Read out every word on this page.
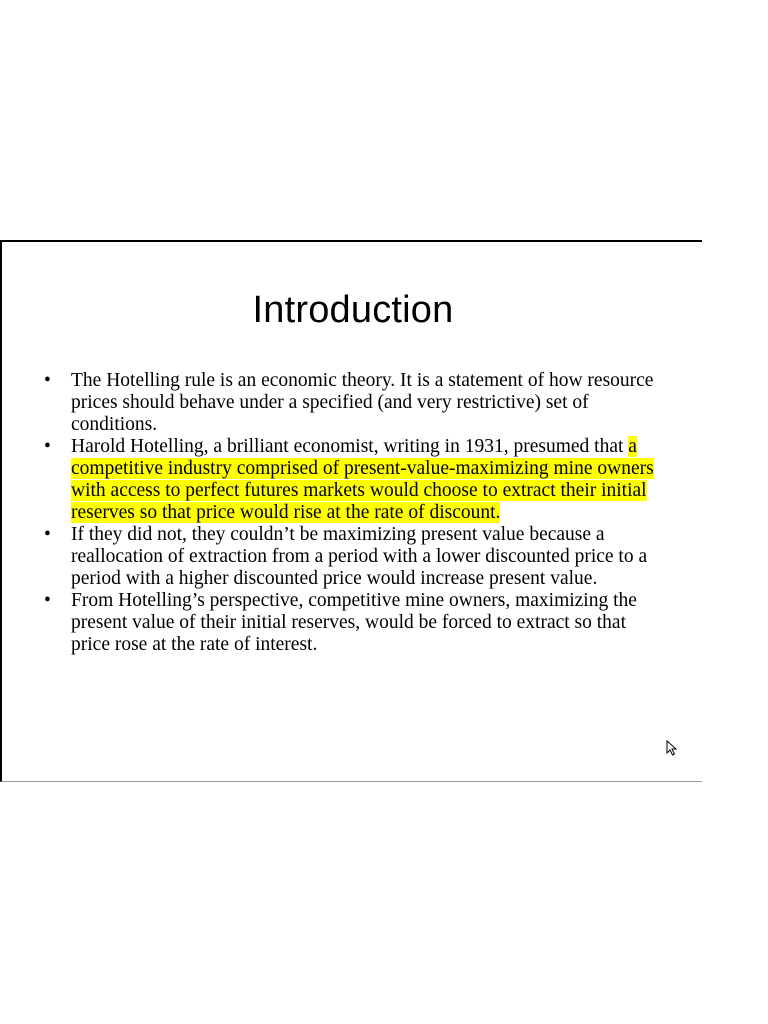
Introduction
• The Hotelling rule is an economic theory. It is a statement of how resource prices should behave under a specified (and very restrictive) set of conditions.
• Harold Hotelling, a brilliant economist, writing in 1931, presumed that a competitive industry comprised of present-value-maximizing mine owners with access to perfect futures markets would choose to extract their initial reserves so that price would rise at the rate of discount.
• If they did not, they couldn’t be maximizing present value because a reallocation of extraction from a period with a lower discounted price to a period with a higher discounted price would increase present value.
• From Hotelling’s perspective, competitive mine owners, maximizing the present value of their initial reserves, would be forced to extract so that price rose at the rate of interest.
